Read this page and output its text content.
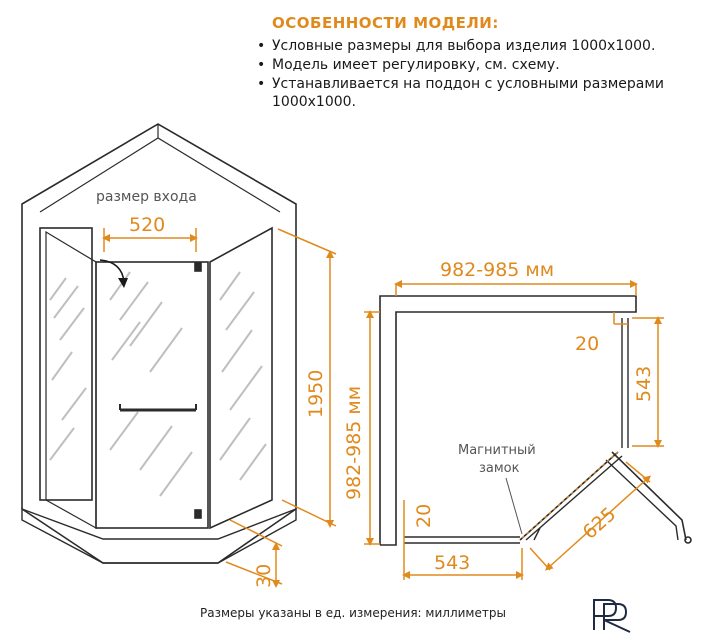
ОСОБЕННОСТИ МОДЕЛИ:
• Условные размеры для выбора изделия 1000х1000.
• Модель имеет регулировку, см. схему.
• Устанавливается на поддон с условными размерами 1000х1000.
размер входа
520
1950
30
982-985 мм
982-985 мм
20
543
20
543
625
Магнитный
замок
Размеры указаны в ед. измерения: миллиметры
